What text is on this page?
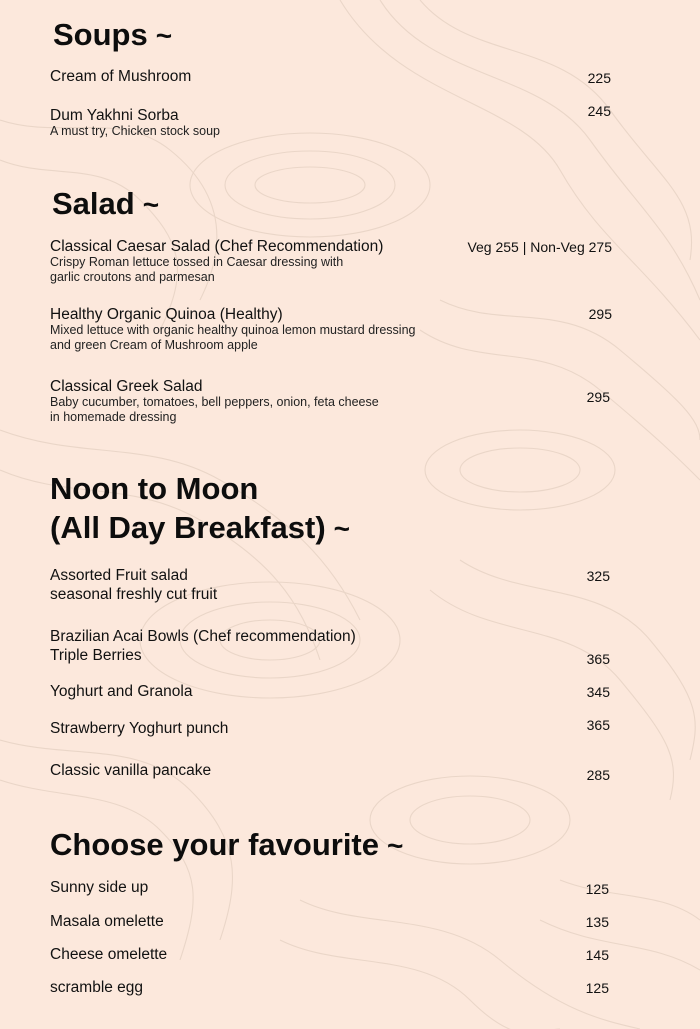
Soups ~
Cream of Mushroom	225
Dum Yakhni Sorba
A must try, Chicken stock soup
245
Salad ~
Classical Caesar Salad (Chef Recommendation)
Crispy Roman lettuce tossed in Caesar dressing with
garlic croutons and parmesan
Veg 255 | Non-Veg 275
Healthy Organic Quinoa (Healthy)
Mixed lettuce with organic healthy quinoa lemon mustard dressing
and green Cream of Mushroom apple
295
Classical Greek Salad
Baby cucumber, tomatoes, bell peppers, onion, feta cheese
in homemade dressing
295
Noon to Moon
(All Day Breakfast) ~
Assorted Fruit salad
seasonal freshly cut fruit
325
Brazilian Acai Bowls (Chef recommendation)
Triple Berries	365
Yoghurt and Granola	345
Strawberry Yoghurt punch	365
Classic vanilla pancake	285
Choose your favourite ~
Sunny side up	125
Masala omelette	135
Cheese omelette	145
scramble egg	125
